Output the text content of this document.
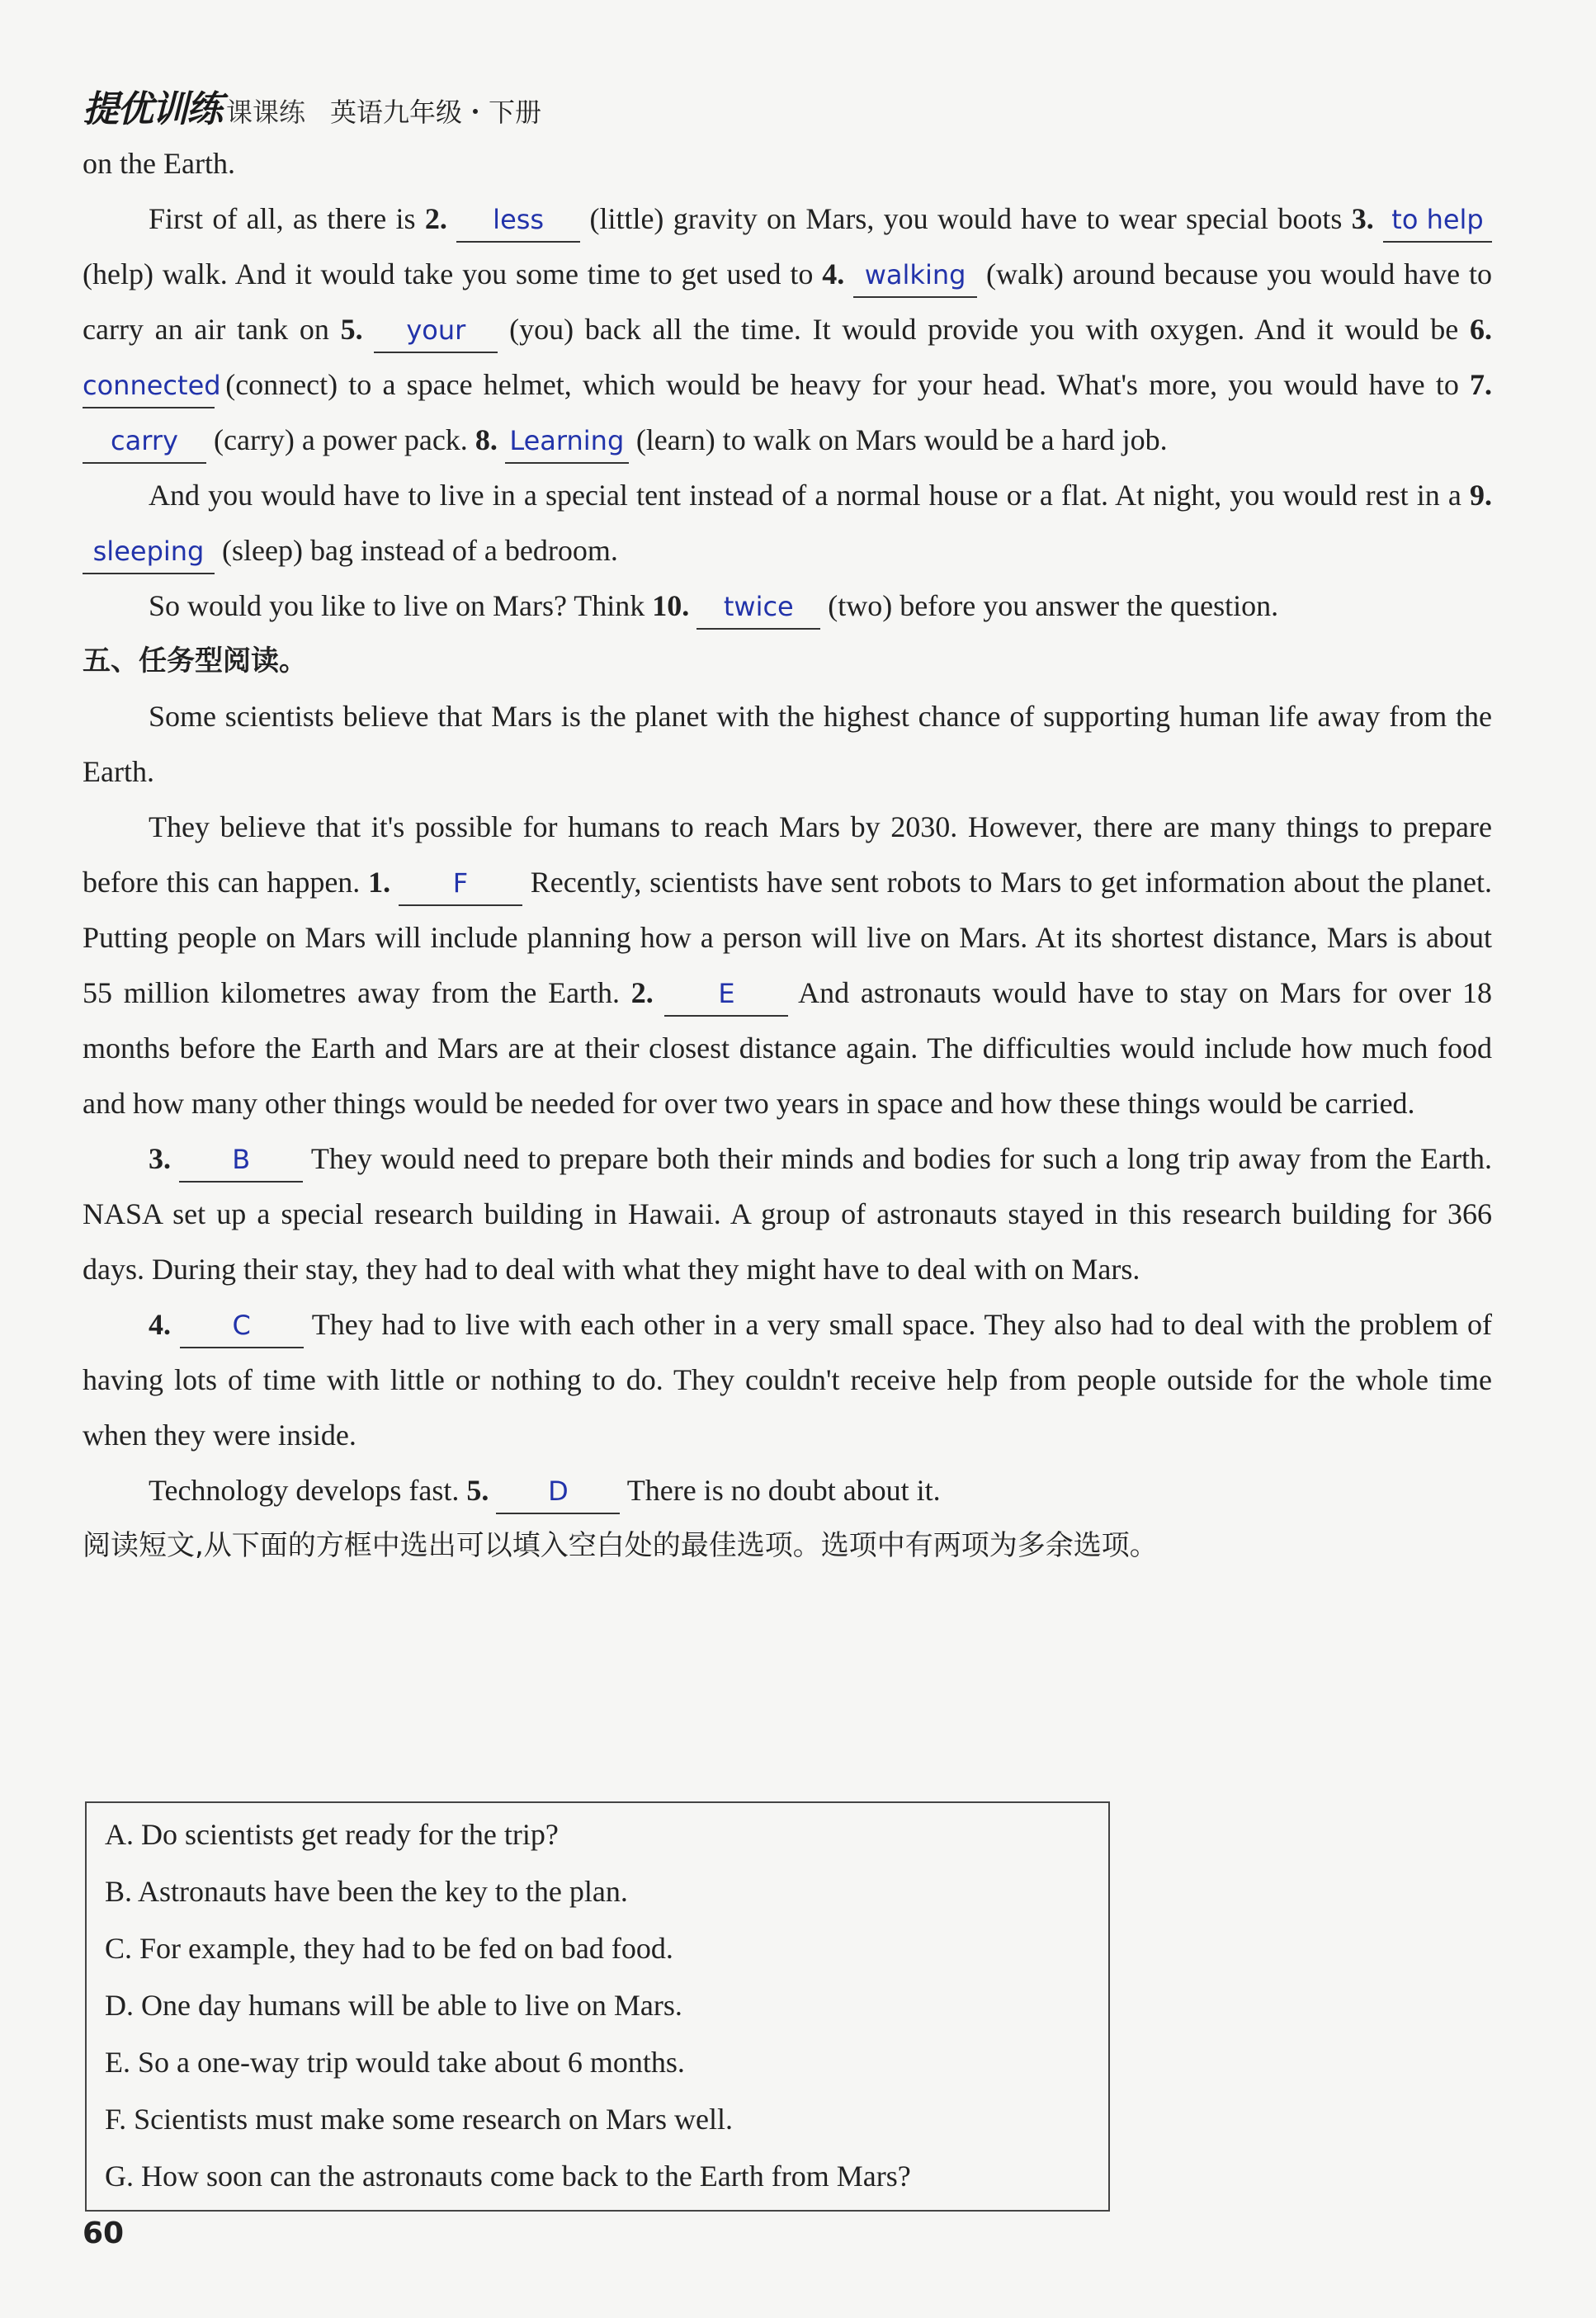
提优训练 课课练 英语九年级・下册

on the Earth.

First of all, as there is 2. less (little) gravity on Mars, you would have to wear special boots 3. to help (help) walk. And it would take you some time to get used to 4. walking (walk) around because you would have to carry an air tank on 5. your (you) back all the time. It would provide you with oxygen. And it would be 6. connected (connect) to a space helmet, which would be heavy for your head. What's more, you would have to 7. carry (carry) a power pack. 8. Learning (learn) to walk on Mars would be a hard job.

And you would have to live in a special tent instead of a normal house or a flat. At night, you would rest in a 9. sleeping (sleep) bag instead of a bedroom.

So would you like to live on Mars? Think 10. twice (two) before you answer the question.

五、任务型阅读。

Some scientists believe that Mars is the planet with the highest chance of supporting human life away from the Earth.

They believe that it's possible for humans to reach Mars by 2030. However, there are many things to prepare before this can happen. 1. F Recently, scientists have sent robots to Mars to get information about the planet. Putting people on Mars will include planning how a person will live on Mars. At its shortest distance, Mars is about 55 million kilometres away from the Earth. 2. E And astronauts would have to stay on Mars for over 18 months before the Earth and Mars are at their closest distance again. The difficulties would include how much food and how many other things would be needed for over two years in space and how these things would be carried.

3. B They would need to prepare both their minds and bodies for such a long trip away from the Earth. NASA set up a special research building in Hawaii. A group of astronauts stayed in this research building for 366 days. During their stay, they had to deal with what they might have to deal with on Mars.

4. C They had to live with each other in a very small space. They also had to deal with the problem of having lots of time with little or nothing to do. They couldn't receive help from people outside for the whole time when they were inside.

Technology develops fast. 5. D There is no doubt about it.

阅读短文,从下面的方框中选出可以填入空白处的最佳选项。选项中有两项为多余选项。

A. Do scientists get ready for the trip?
B. Astronauts have been the key to the plan.
C. For example, they had to be fed on bad food.
D. One day humans will be able to live on Mars.
E. So a one-way trip would take about 6 months.
F. Scientists must make some research on Mars well.
G. How soon can the astronauts come back to the Earth from Mars?
60
